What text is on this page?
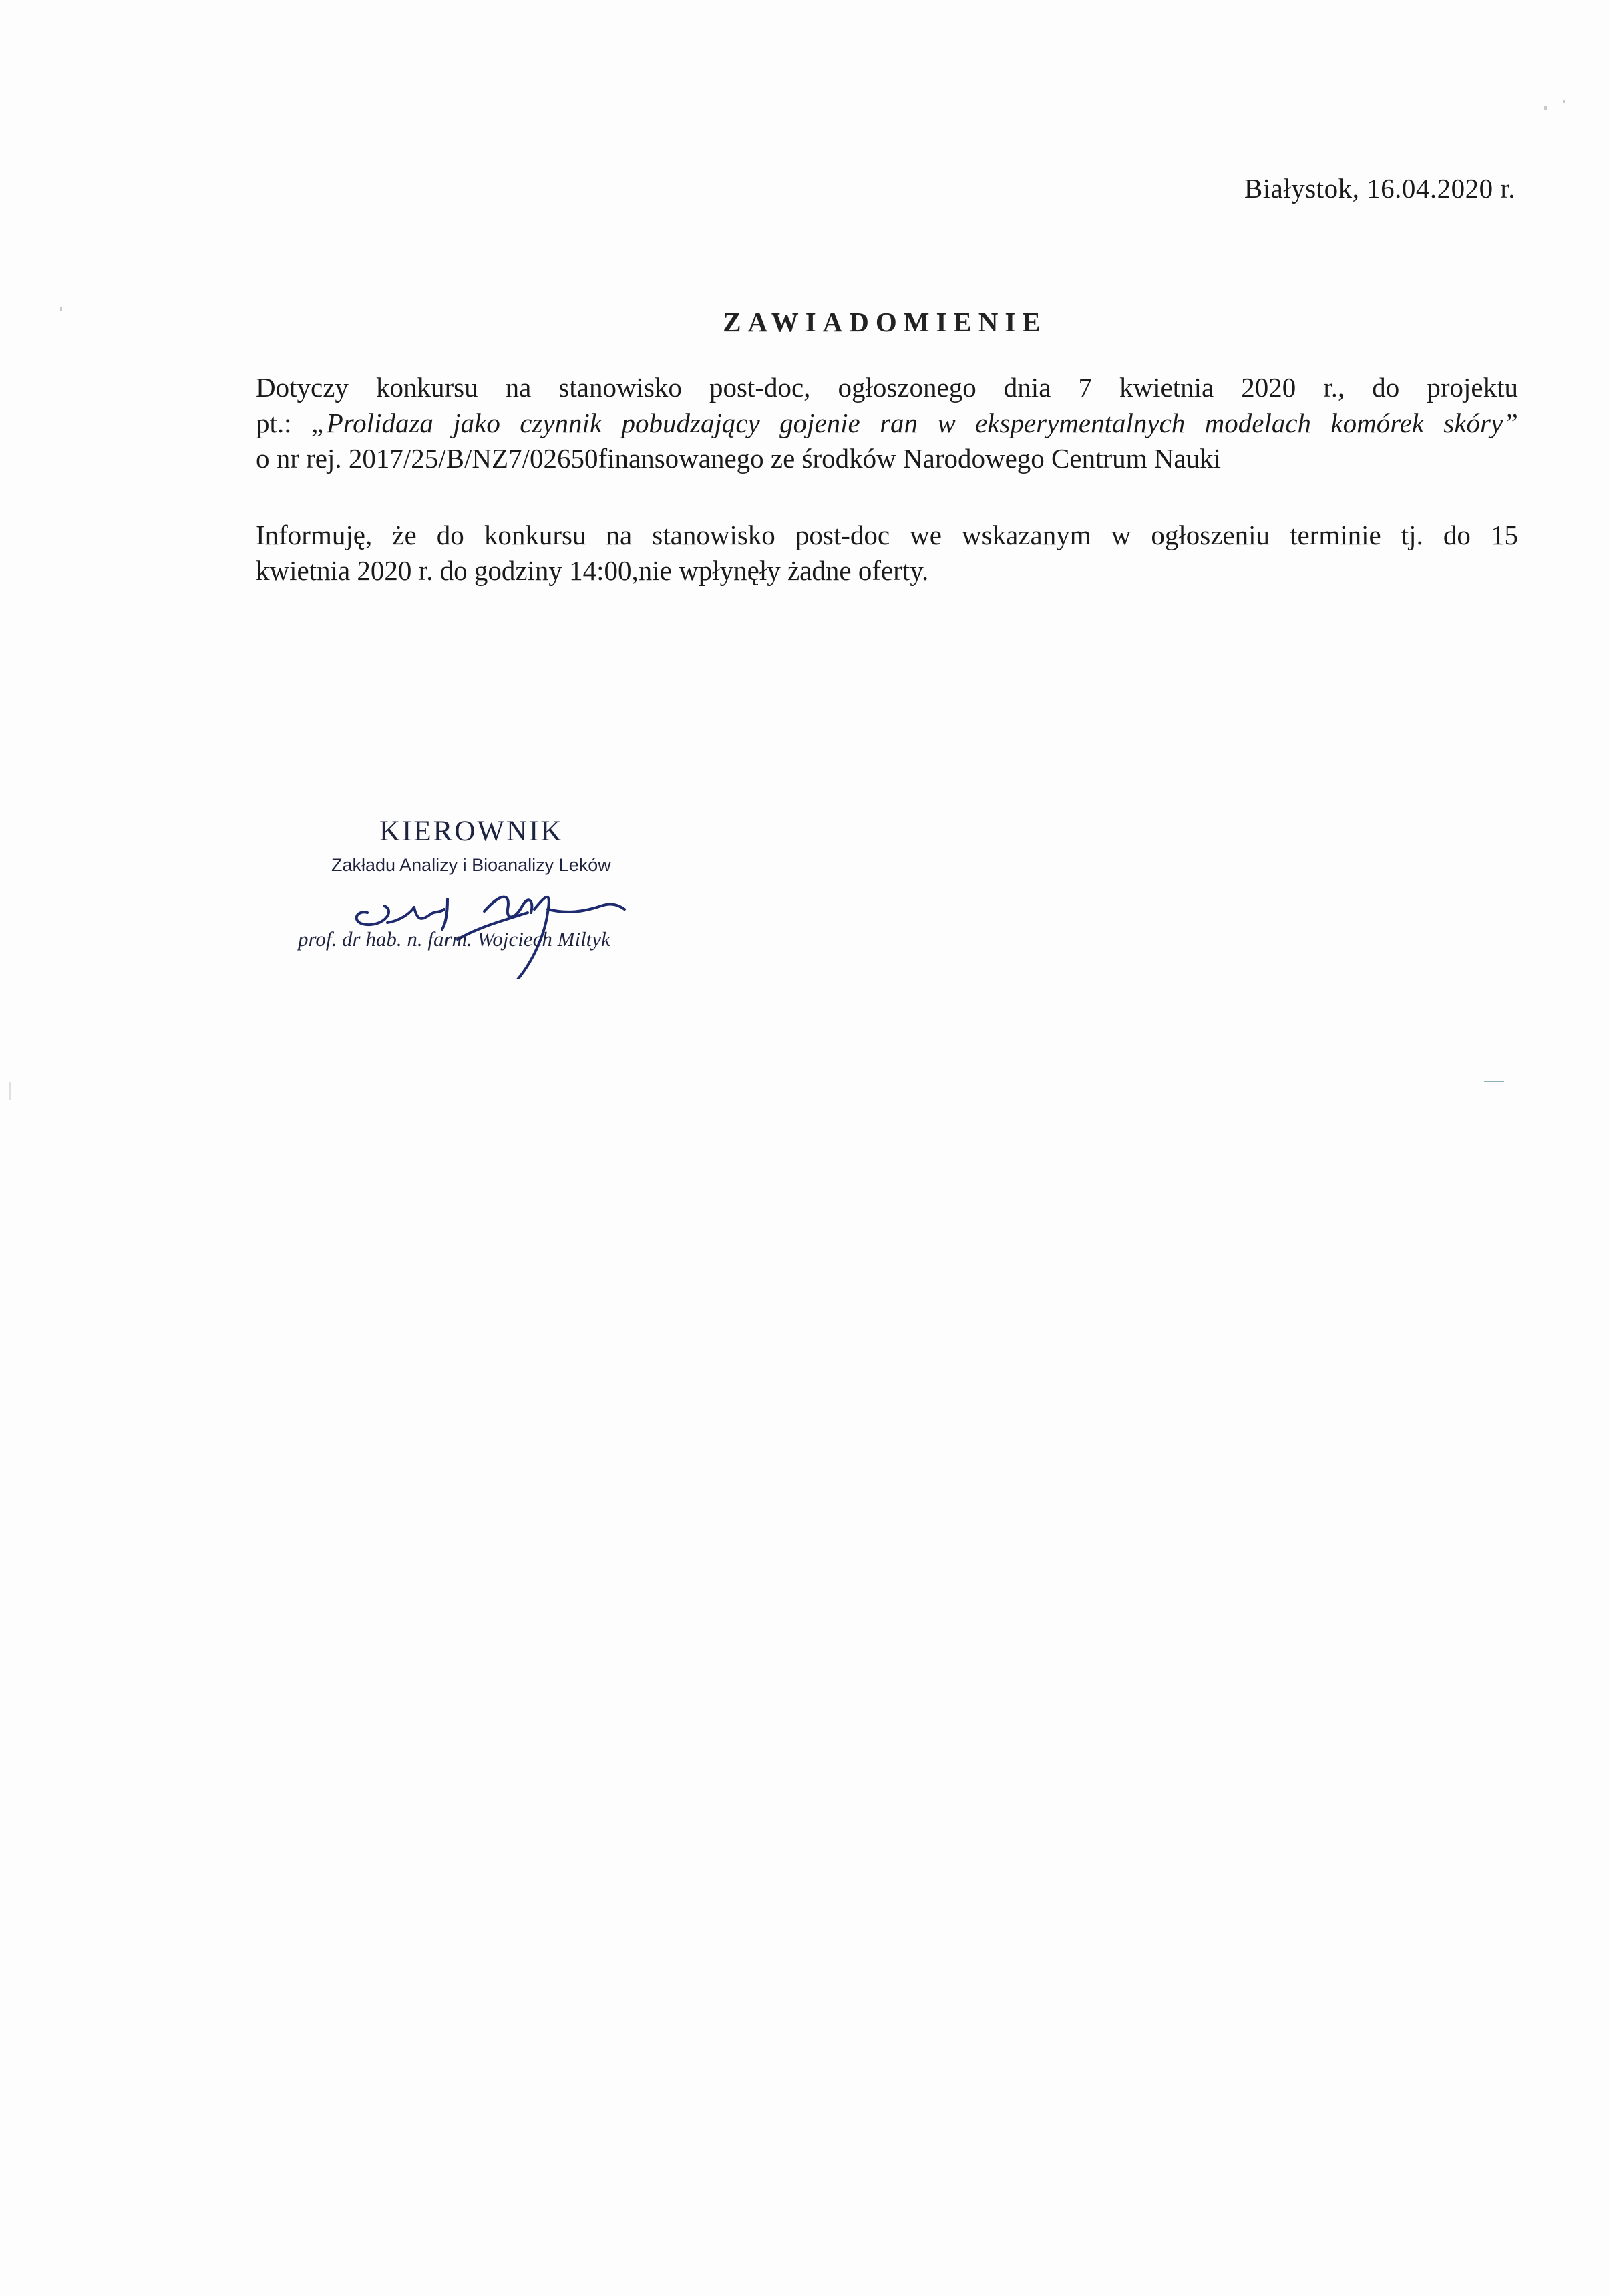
Białystok, 16.04.2020 r.
ZAWIADOMIENIE
Dotyczy konkursu na stanowisko post-doc, ogłoszonego dnia 7 kwietnia 2020 r., do projektu
pt.: „Prolidaza jako czynnik pobudzający gojenie ran w eksperymentalnych modelach komórek skóry”
o nr rej. 2017/25/B/NZ7/02650finansowanego ze środków Narodowego Centrum Nauki
Informuję, że do konkursu na stanowisko post-doc we wskazanym w ogłoszeniu terminie tj. do 15
kwietnia 2020 r. do godziny 14:00,nie wpłynęły żadne oferty.
KIEROWNIK
Zakładu Analizy i Bioanalizy Leków
prof. dr hab. n. farm. Wojciech Miltyk
